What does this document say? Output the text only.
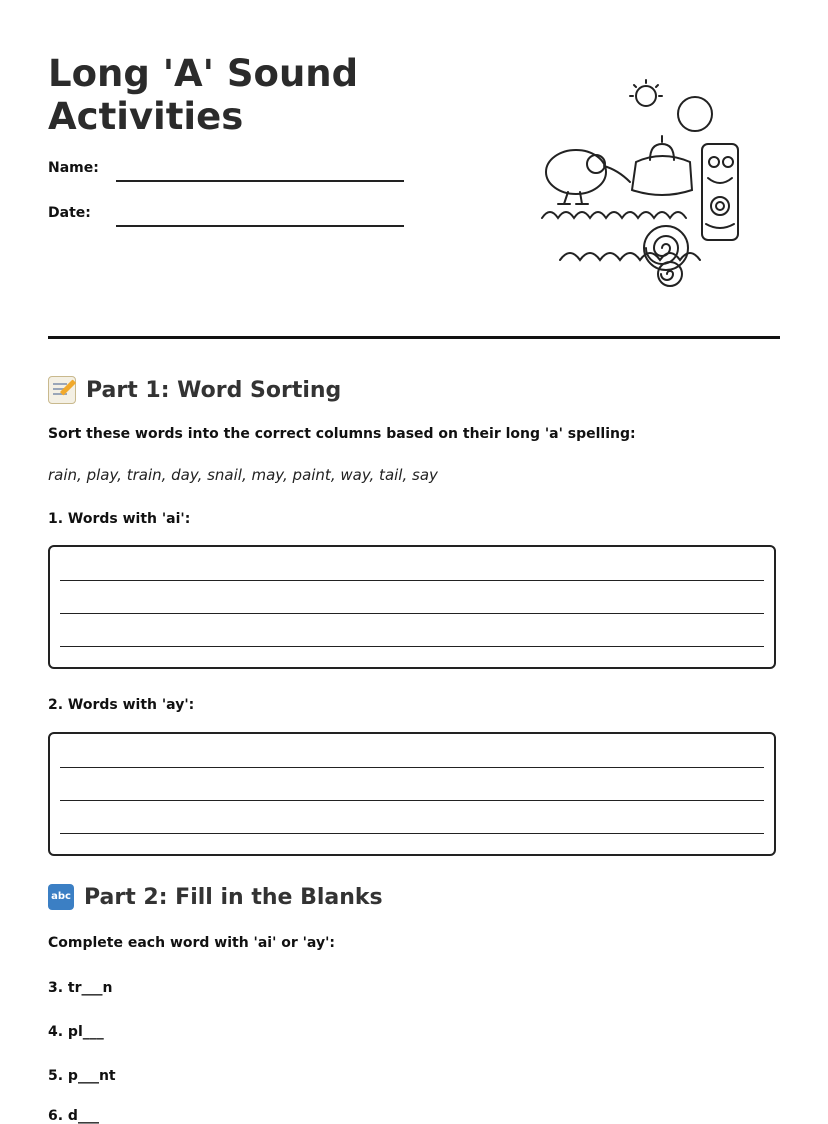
Long 'A' Sound Activities
Name:
Date:
Part 1: Word Sorting
Sort these words into the correct columns based on their long 'a' spelling:
rain, play, train, day, snail, may, paint, way, tail, say
1. Words with 'ai':
2. Words with 'ay':
abc Part 2: Fill in the Blanks
Complete each word with 'ai' or 'ay':
3. tr___n
4. pl___
5. p___nt
6. d___
